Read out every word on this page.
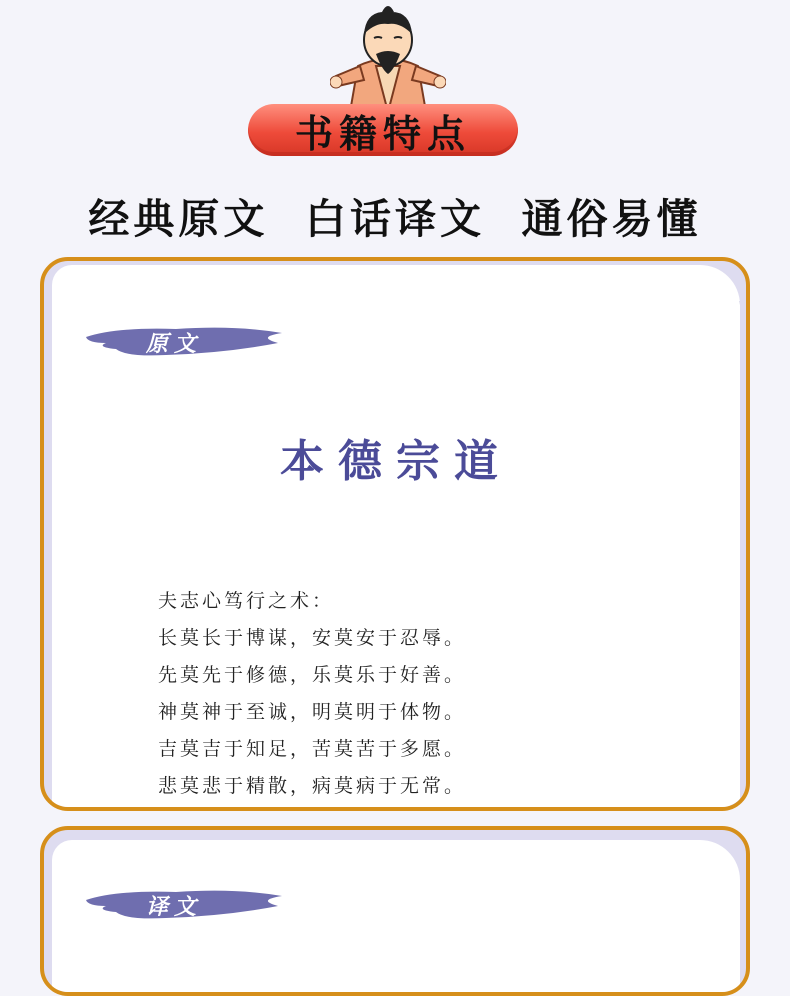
书籍特点
经典原文  白话译文  通俗易懂
原文
本德宗道
夫志心笃行之术：
长莫长于博谋，安莫安于忍辱。
先莫先于修德，乐莫乐于好善。
神莫神于至诚，明莫明于体物。
吉莫吉于知足，苦莫苦于多愿。
悲莫悲于精散，病莫病于无常。
译文
